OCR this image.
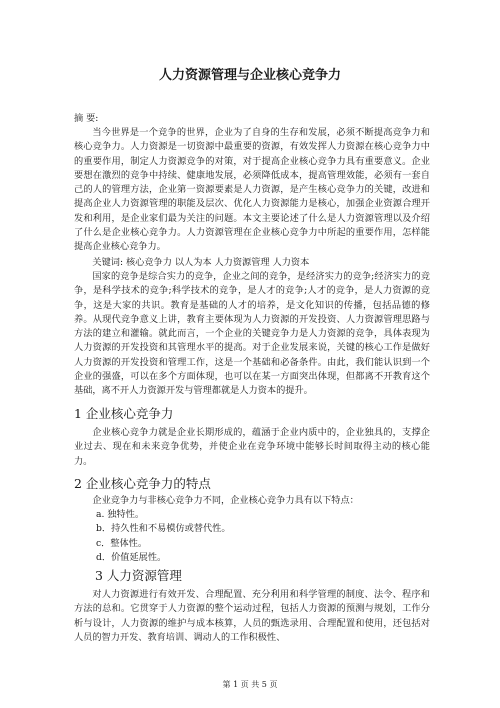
人力资源管理与企业核心竞争力

摘 要:

当今世界是一个竞争的世界，企业为了自身的生存和发展，必须不断提高竞争力和核心竞争力。人力资源是一切资源中最重要的资源，有效发挥人力资源在核心竞争力中的重要作用，制定人力资源竞争的对策，对于提高企业核心竞争力具有重要意义。企业要想在激烈的竞争中持续、健康地发展，必须降低成本，提高管理效能，必须有一套自己的人的管理方法，企业第一资源要素是人力资源，是产生核心竞争力的关键，改进和提高企业人力资源管理的职能及层次、优化人力资源能力是核心，加强企业资源合理开发和利用，是企业家们最为关注的问题。本文主要论述了什么是人力资源管理以及介绍了什么是企业核心竞争力。人力资源管理在企业核心竞争力中所起的重要作用，怎样能提高企业核心竞争力。

关键词: 核心竞争力 以人为本 人力资源管理 人力资本

国家的竞争是综合实力的竞争，企业之间的竞争，是经济实力的竞争;经济实力的竞争，是科学技术的竞争;科学技术的竞争，是人才的竞争;人才的竞争，是人力资源的竞争，这是大家的共识。教育是基础的人才的培养，是文化知识的传播，包括品德的修养。从现代竞争意义上讲，教育主要体现为人力资源的开发投资、人力资源管理思路与方法的建立和灌输。就此而言，一个企业的关键竞争力是人力资源的竞争，具体表现为人力资源的开发投资和其管理水平的提高。对于企业发展来说，关键的核心工作是做好人力资源的开发投资和管理工作，这是一个基础和必备条件。由此，我们能认识到一个企业的强盛，可以在多个方面体现，也可以在某一方面突出体现，但都离不开教育这个基础，离不开人力资源开发与管理都就是人力资本的提升。

1 企业核心竞争力

企业核心竞争力就是企业长期形成的，蕴涵于企业内质中的，企业独具的，支撑企业过去、现在和未来竞争优势，并使企业在竞争环境中能够长时间取得主动的核心能力。

2 企业核心竞争力的特点

企业竞争力与非核心竞争力不同，企业核心竞争力具有以下特点：

a. 独特性。
b．持久性和不易模仿或替代性。
c．整体性。
d．价值延展性。
3 人力资源管理

对人力资源进行有效开发、合理配置、充分利用和科学管理的制度、法令、程序和方法的总和。它贯穿于人力资源的整个运动过程，包括人力资源的预测与规划，工作分析与设计，人力资源的维护与成本核算，人员的甄选录用、合理配置和使用，还包括对人员的智力开发、教育培训、调动人的工作积极性、

第 1 页 共 5 页
